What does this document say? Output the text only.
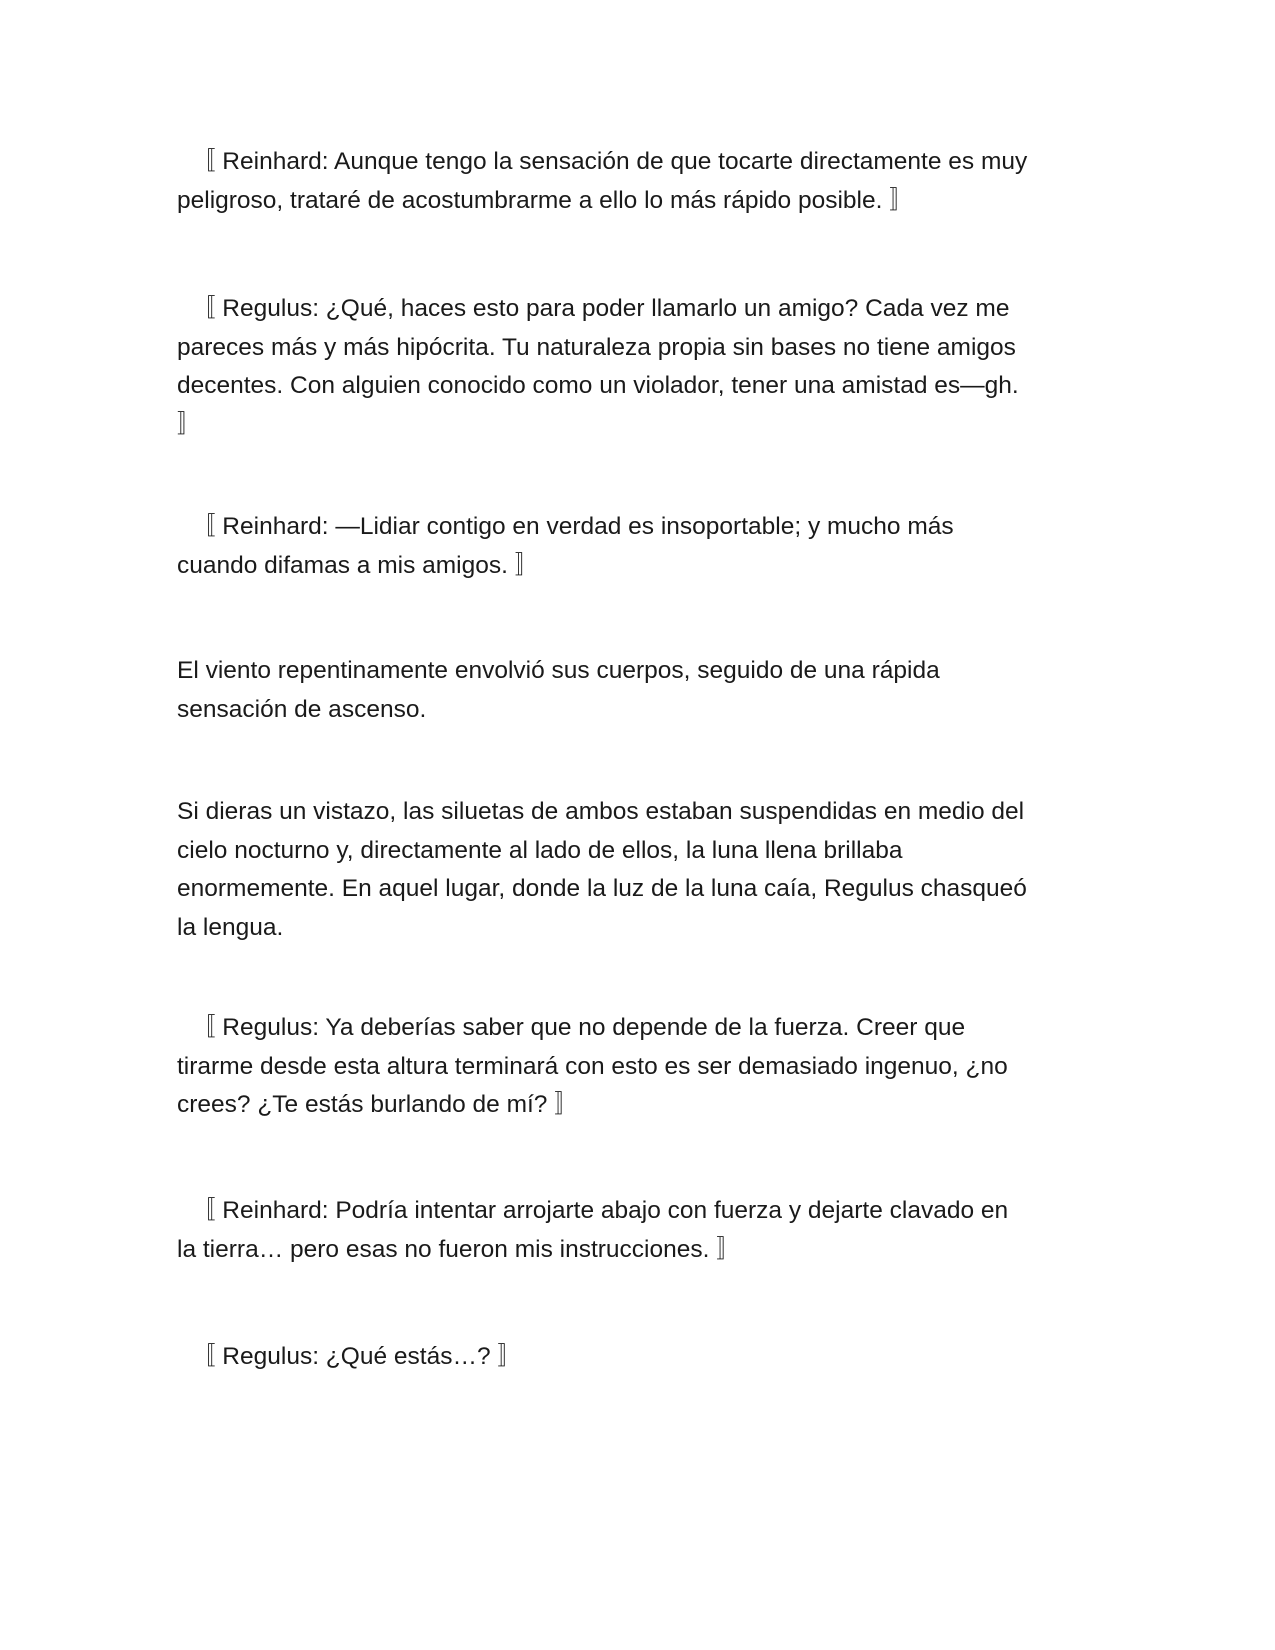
〚 Reinhard: Aunque tengo la sensación de que tocarte directamente es muy
peligroso, trataré de acostumbrarme a ello lo más rápido posible. 〛

〚 Regulus: ¿Qué, haces esto para poder llamarlo un amigo? Cada vez me
pareces más y más hipócrita. Tu naturaleza propia sin bases no tiene amigos
decentes. Con alguien conocido como un violador, tener una amistad es—gh.
〛

〚 Reinhard: —Lidiar contigo en verdad es insoportable; y mucho más
cuando difamas a mis amigos. 〛

El viento repentinamente envolvió sus cuerpos, seguido de una rápida
sensación de ascenso.

Si dieras un vistazo, las siluetas de ambos estaban suspendidas en medio del
cielo nocturno y, directamente al lado de ellos, la luna llena brillaba
enormemente. En aquel lugar, donde la luz de la luna caía, Regulus chasqueó
la lengua.

〚 Regulus: Ya deberías saber que no depende de la fuerza. Creer que
tirarme desde esta altura terminará con esto es ser demasiado ingenuo, ¿no
crees? ¿Te estás burlando de mí? 〛

〚 Reinhard: Podría intentar arrojarte abajo con fuerza y dejarte clavado en
la tierra… pero esas no fueron mis instrucciones. 〛

〚 Regulus: ¿Qué estás…? 〛
